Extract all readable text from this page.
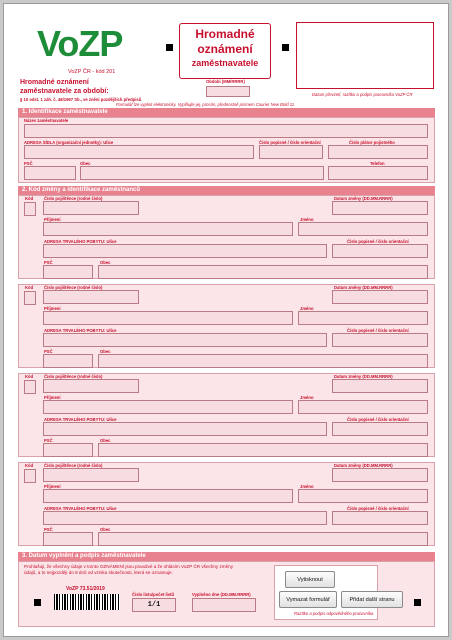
VoZP
VoZP ČR - kód 201
Hromadné
oznámení
zaměstnavatele
Datum převzetí, razítko a podpis pracovníka VoZP ČR
Hromadné oznámení
zaměstnavatele za období:
§ 10 odst. 1 záh. č. 48/1997 Sb., ve znění pozdějších předpisů
Období (MM/RRRR)
Formulář lze vyplnit elektronicky. Vyplňujte jej, prosím, přednostně písmem Courier New Bold 11.
1. Identifikace zaměstnavatele
Název zaměstnavatele
ADRESA SÍDLA (organizační jednotky): Ulice	Číslo popisné / číslo orientační	Číslo plátce pojistného
PSČ	Obec	Telefon
2. Kód změny a identifikace zaměstnanců
Kód	Číslo pojištěnce (rodné číslo)	Datum změny (DD.MM.RRRR)
Příjmení	Jméno
ADRESA TRVALÉHO POBYTU: Ulice	Číslo popisné / číslo orientační
PSČ	Obec
Kód	Číslo pojištěnce (rodné číslo)	Datum změny (DD.MM.RRRR)
Příjmení	Jméno
ADRESA TRVALÉHO POBYTU: Ulice	Číslo popisné / číslo orientační
PSČ	Obec
Kód	Číslo pojištěnce (rodné číslo)	Datum změny (DD.MM.RRRR)
Příjmení	Jméno
ADRESA TRVALÉHO POBYTU: Ulice	Číslo popisné / číslo orientační
PSČ	Obec
Kód	Číslo pojištěnce (rodné číslo)	Datum změny (DD.MM.RRRR)
Příjmení	Jméno
ADRESA TRVALÉHO POBYTU: Ulice	Číslo popisné / číslo orientační
PSČ	Obec
3. Datum vyplnění a podpis zaměstnavatele
Prohlašuji, že všechny údaje v tomto OZNÁMENÍ jsou pravdivé a že ohlásím VoZP ČR všechny změny údajů, a to nejpozději do 8 dnů od vzniku skutečnosti, která se oznamuje.
VoZP 73.51/2019
Číslo listu/počet listů
1/1
Vyplněno dne (DD.MM.RRRR)
Vytisknout
Vymazat formulář	Přidat další stranu
Razítko a podpis odpovědného pracovníka
